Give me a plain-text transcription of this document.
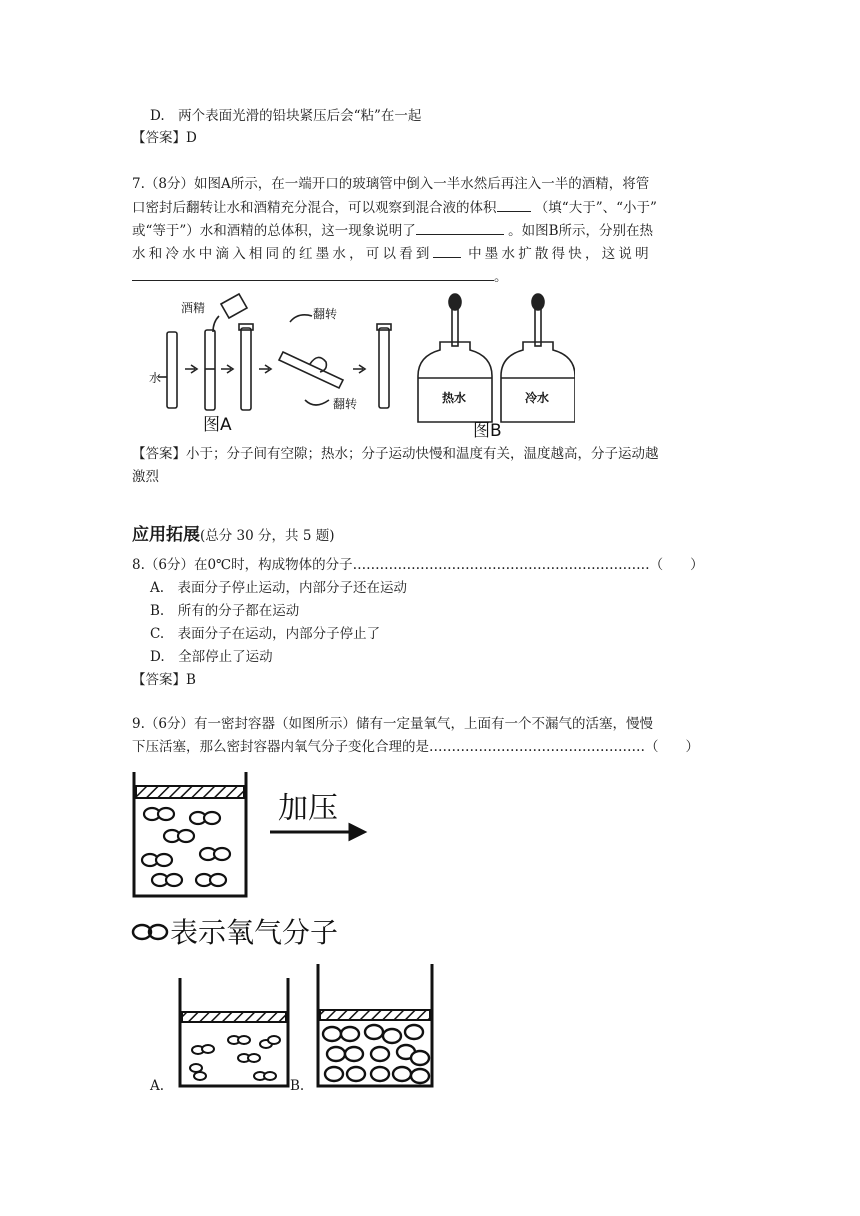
D.　两个表面光滑的铅块紧压后会“粘”在一起
【答案】D
7.（8分）如图A所示，在一端开口的玻璃管中倒入一半水然后再注入一半的酒精，将管
口密封后翻转让水和酒精充分混合，可以观察到混合液的体积	（填“大于”、“小于”
或“等于”）水和酒精的总体积，这一现象说明了	。如图B所示，分别在热
水和冷水中滴入相同的红墨水，可以看到	中墨水扩散得快，这说明
。
酒精
水
翻转
翻转	热水	冷水
图A	图B
【答案】小于；分子间有空隙；热水；分子运动快慢和温度有关，温度越高，分子运动越
激烈
应用拓展(总分 30 分，共 5 题)
8.（6分）在0℃时，构成物体的分子…………………………………………………………（　　）
A.　表面分子停止运动，内部分子还在运动
B.　所有的分子都在运动
C.　表面分子在运动，内部分子停止了
D.　全部停止了运动
【答案】B
9.（6分）有一密封容器（如图所示）储有一定量氧气，上面有一个不漏气的活塞，慢慢
下压活塞，那么密封容器内氧气分子变化合理的是…………………………………………（　　）
加压
表示氧气分子
A.	B.
